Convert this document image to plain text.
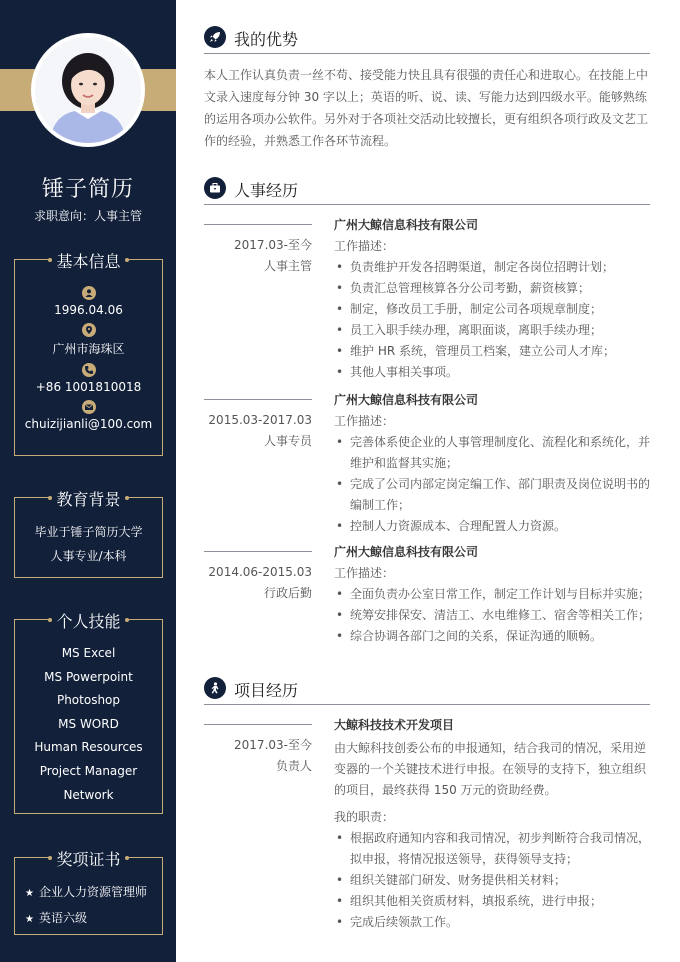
锤子简历
求职意向：人事主管
基本信息
1996.04.06
广州市海珠区
+86 1001810018
chuizijianli@100.com
教育背景
毕业于锤子简历大学
人事专业/本科
个人技能
MS Excel
MS Powerpoint
Photoshop
MS WORD
Human Resources
Project Manager
Network
奖项证书
★ 企业人力资源管理师
★ 英语六级
我的优势
本人工作认真负责一丝不苟、接受能力快且具有很强的责任心和进取心。在技能上中文录入速度每分钟 30 字以上；英语的听、说、读、写能力达到四级水平。能够熟练的运用各项办公软件。另外对于各项社交活动比较擅长，更有组织各项行政及文艺工作的经验，并熟悉工作各环节流程。
人事经历
2017.03-至今
人事主管
广州大鲸信息科技有限公司
工作描述：
• 负责维护开发各招聘渠道，制定各岗位招聘计划；
• 负责汇总管理核算各分公司考勤，薪资核算；
• 制定，修改员工手册，制定公司各项规章制度；
• 员工入职手续办理，离职面谈，离职手续办理；
• 维护 HR 系统，管理员工档案，建立公司人才库；
• 其他人事相关事项。
2015.03-2017.03
人事专员
广州大鲸信息科技有限公司
工作描述：
• 完善体系使企业的人事管理制度化、流程化和系统化，并维护和监督其实施；
• 完成了公司内部定岗定编工作、部门职责及岗位说明书的编制工作；
• 控制人力资源成本、合理配置人力资源。
2014.06-2015.03
行政后勤
广州大鲸信息科技有限公司
工作描述：
• 全面负责办公室日常工作，制定工作计划与目标并实施；
• 统筹安排保安、清洁工、水电维修工、宿舍等相关工作；
• 综合协调各部门之间的关系，保证沟通的顺畅。
项目经历
2017.03-至今
负责人
大鲸科技技术开发项目
由大鲸科技创委公布的申报通知，结合我司的情况，采用逆变器的一个关键技术进行申报。在领导的支持下，独立组织的项目，最终获得 150 万元的资助经费。
我的职责：
• 根据政府通知内容和我司情况，初步判断符合我司情况，拟申报，将情况报送领导，获得领导支持；
• 组织关键部门研发、财务提供相关材料；
• 组织其他相关资质材料，填报系统，进行申报；
• 完成后续领款工作。
